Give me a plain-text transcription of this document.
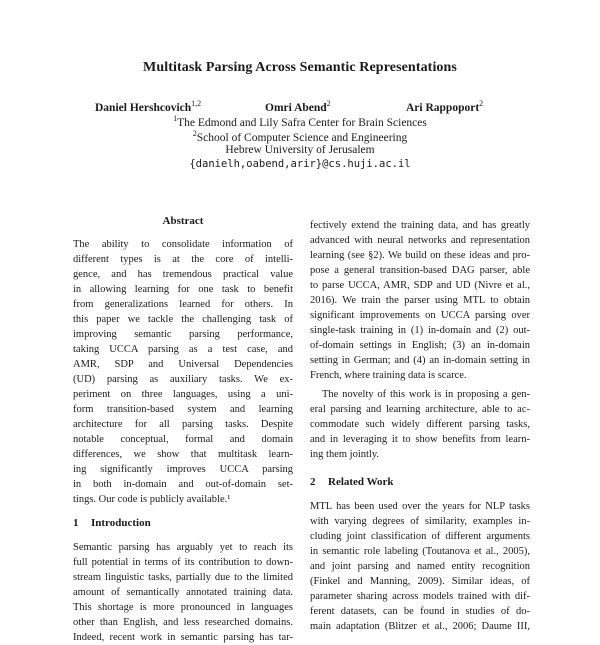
Multitask Parsing Across Semantic Representations
Daniel Hershcovich$^{1,2}$	Omri Abend$^2$	Ari Rappoport$^2$
$^1$The Edmond and Lily Safra Center for Brain Sciences
$^2$School of Computer Science and Engineering
Hebrew University of Jerusalem
{danielh,oabend,arir}@cs.huji.ac.il
Abstract
The ability to consolidate information of
different types is at the core of intelli-
gence, and has tremendous practical value
in allowing learning for one task to benefit
from generalizations learned for others. In
this paper we tackle the challenging task of
improving semantic parsing performance,
taking UCCA parsing as a test case, and
AMR, SDP and Universal Dependencies
(UD) parsing as auxiliary tasks. We ex-
periment on three languages, using a uni-
form transition-based system and learning
architecture for all parsing tasks. Despite
notable conceptual, formal and domain
differences, we show that multitask learn-
ing significantly improves UCCA parsing
in both in-domain and out-of-domain set-
tings. Our code is publicly available.¹
1 Introduction
Semantic parsing has arguably yet to reach its
full potential in terms of its contribution to down-
stream linguistic tasks, partially due to the limited
amount of semantically annotated training data.
This shortage is more pronounced in languages
other than English, and less researched domains.
Indeed, recent work in semantic parsing has tar-
fectively extend the training data, and has greatly
advanced with neural networks and representation
learning (see §2). We build on these ideas and pro-
pose a general transition-based DAG parser, able
to parse UCCA, AMR, SDP and UD (Nivre et al.,
2016). We train the parser using MTL to obtain
significant improvements on UCCA parsing over
single-task training in (1) in-domain and (2) out-
of-domain settings in English; (3) an in-domain
setting in German; and (4) an in-domain setting in
French, where training data is scarce.
The novelty of this work is in proposing a gen-
eral parsing and learning architecture, able to ac-
commodate such widely different parsing tasks,
and in leveraging it to show benefits from learn-
ing them jointly.
2 Related Work
MTL has been used over the years for NLP tasks
with varying degrees of similarity, examples in-
cluding joint classification of different arguments
in semantic role labeling (Toutanova et al., 2005),
and joint parsing and named entity recognition
(Finkel and Manning, 2009). Similar ideas, of
parameter sharing across models trained with dif-
ferent datasets, can be found in studies of do-
main adaptation (Blitzer et al., 2006; Daume III,
